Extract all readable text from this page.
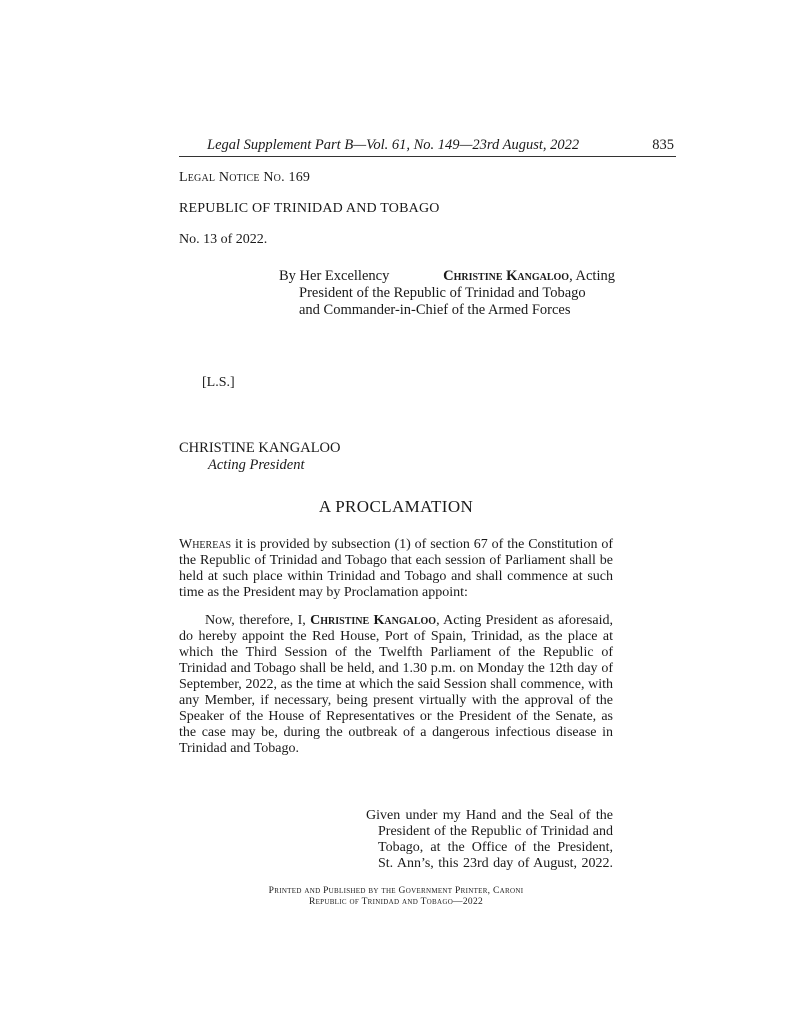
Legal Supplement Part B—Vol. 61, No. 149—23rd August, 2022	835
Legal Notice No. 169
REPUBLIC OF TRINIDAD AND TOBAGO
No. 13 of 2022.
By Her Excellency	Christine Kangaloo, Acting
President of the Republic of Trinidad and Tobago
and Commander-in-Chief of the Armed Forces
[L.S.]
CHRISTINE KANGALOO
Acting President
A PROCLAMATION

Whereas it is provided by subsection (1) of section 67 of the Constitution of the Republic of Trinidad and Tobago that each session of Parliament shall be held at such place within Trinidad and Tobago and shall commence at such time as the President may by Proclamation appoint:

Now, therefore, I, Christine Kangaloo, Acting President as aforesaid, do hereby appoint the Red House, Port of Spain, Trinidad, as the place at which the Third Session of the Twelfth Parliament of the Republic of Trinidad and Tobago shall be held, and 1.30 p.m. on Monday the 12th day of September, 2022, as the time at which the said Session shall commence, with any Member, if necessary, being present virtually with the approval of the Speaker of the House of Representatives or the President of the Senate, as the case may be, during the outbreak of a dangerous infectious disease in Trinidad and Tobago.

Given under my Hand and the Seal of the
President of the Republic of Trinidad and
Tobago, at the Office of the President,
St. Ann’s, this 23rd day of August, 2022.
Printed and Published by the Government Printer, Caroni
Republic of Trinidad and Tobago—2022
